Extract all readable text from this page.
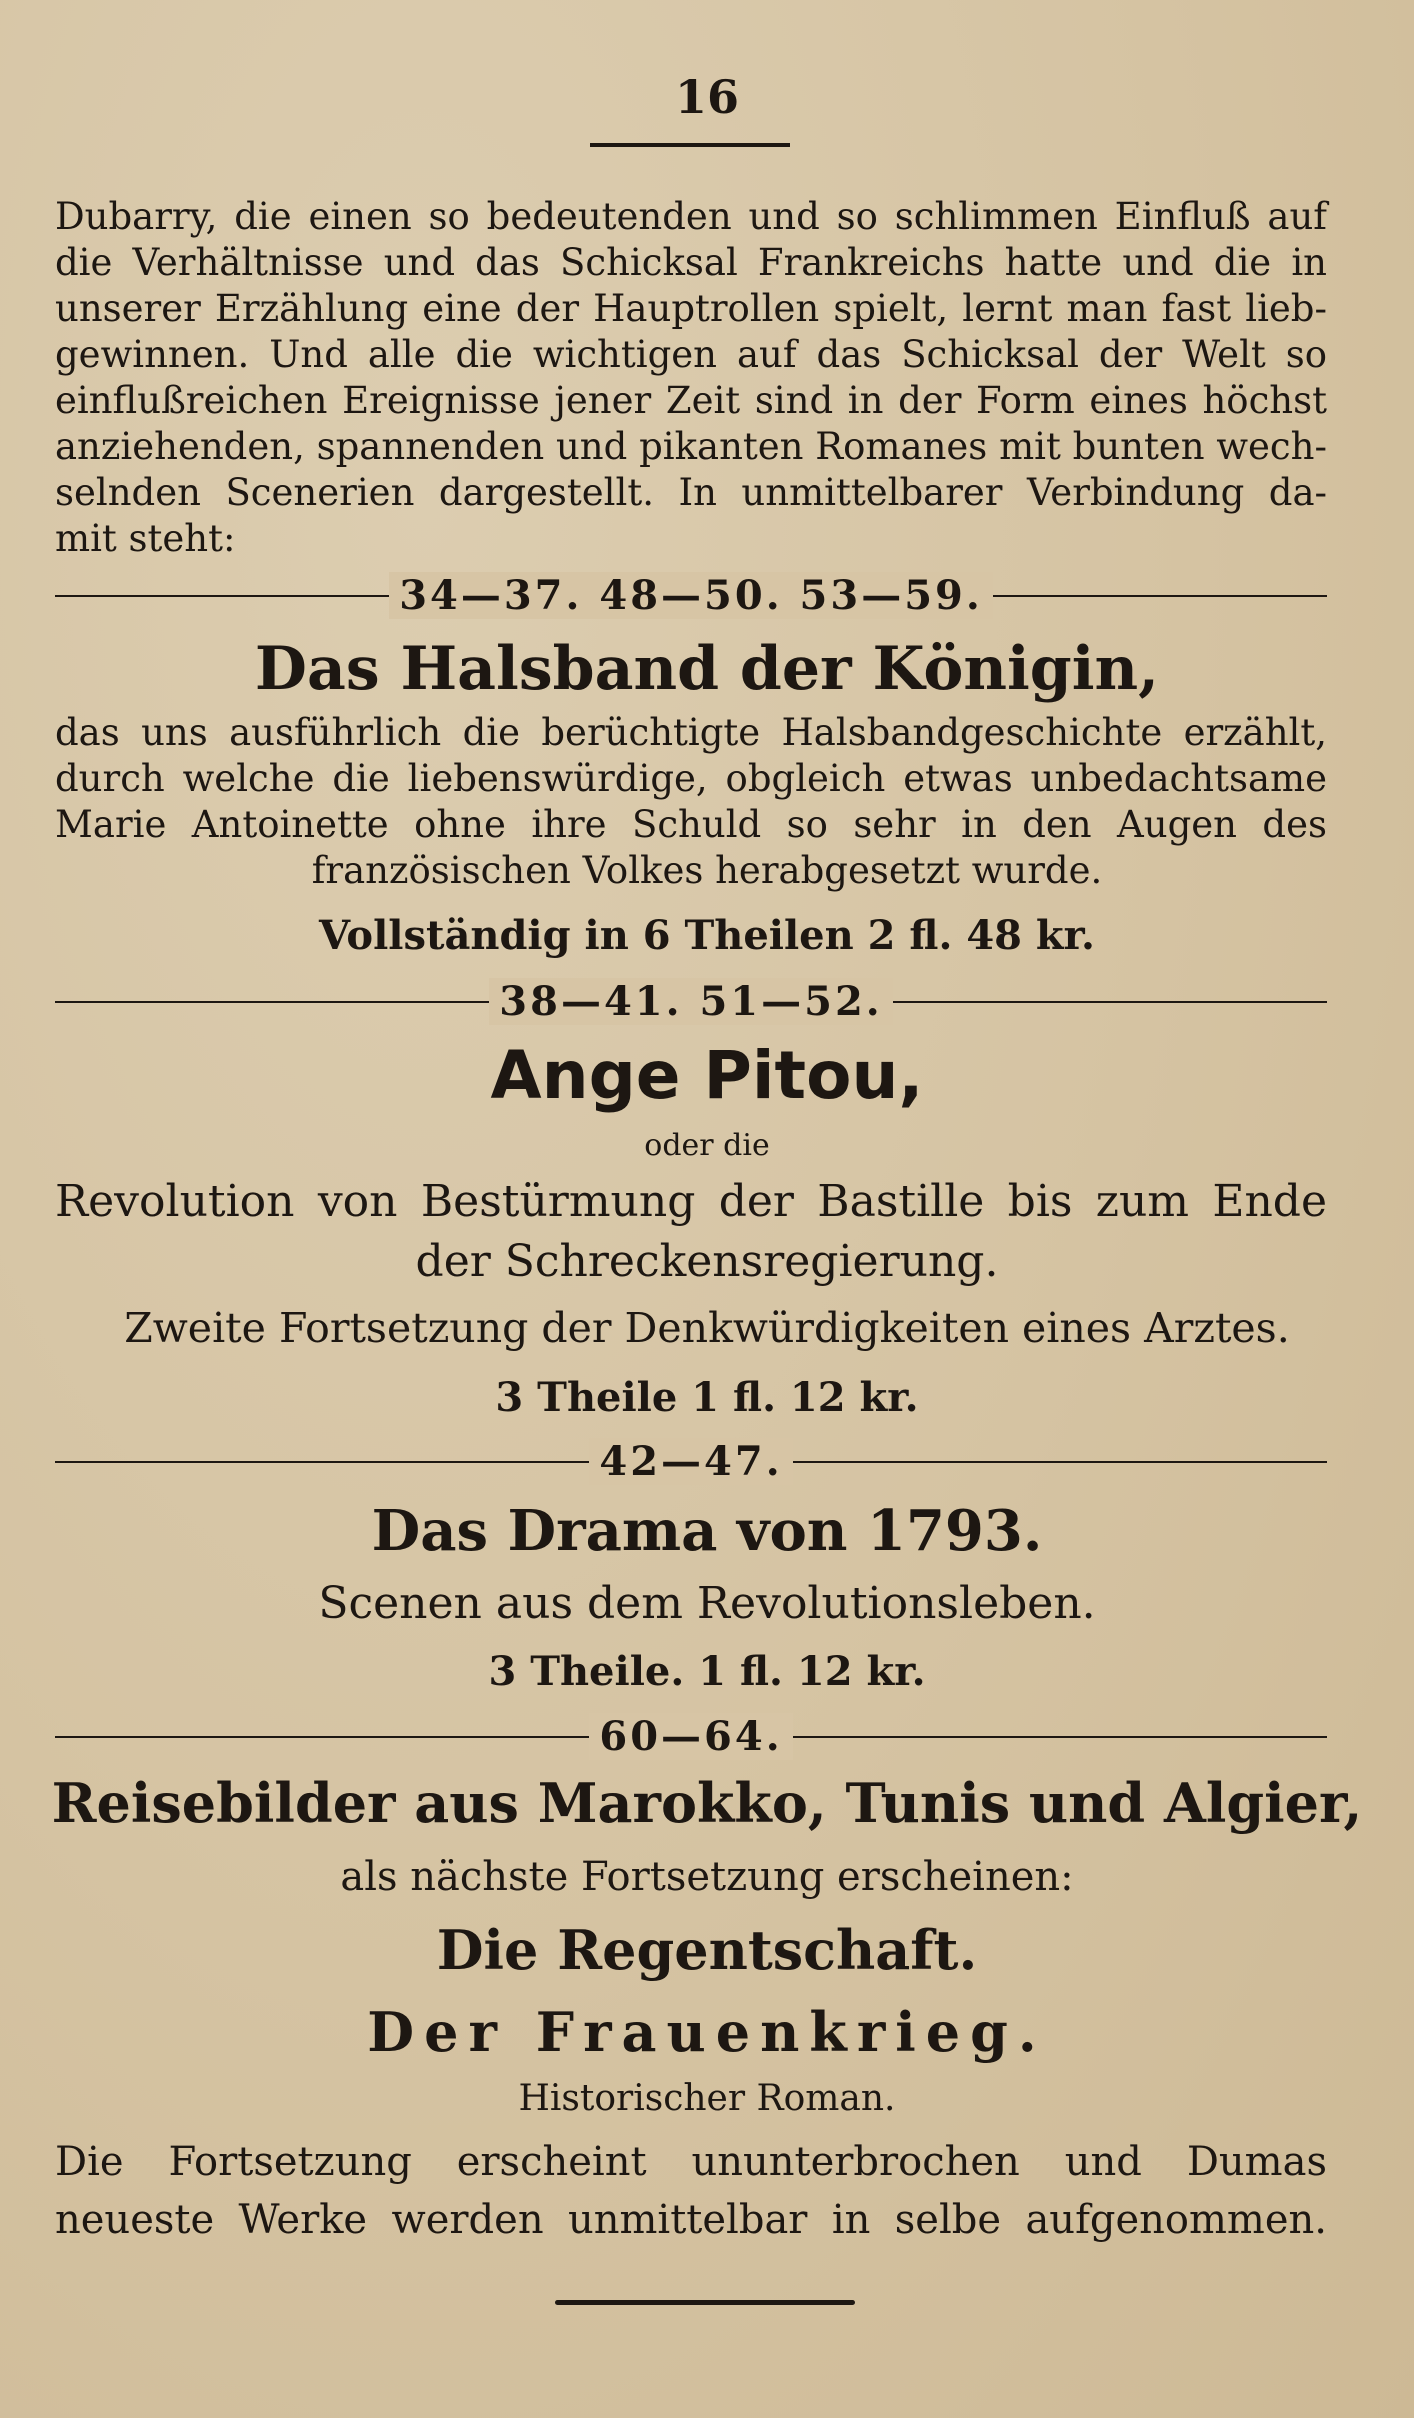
16
Dubarry, die einen so bedeutenden und so schlimmen Einfluß auf
die Verhältnisse und das Schicksal Frankreichs hatte und die in
unserer Erzählung eine der Hauptrollen spielt, lernt man fast lieb-
gewinnen. Und alle die wichtigen auf das Schicksal der Welt so
einflußreichen Ereignisse jener Zeit sind in der Form eines höchst
anziehenden, spannenden und pikanten Romanes mit bunten wech-
selnden Scenerien dargestellt. In unmittelbarer Verbindung da-
mit steht:
34—37. 48—50. 53—59.
Das Halsband der Königin,
das uns ausführlich die berüchtigte Halsbandgeschichte erzählt,
durch welche die liebenswürdige, obgleich etwas unbedachtsame
Marie Antoinette ohne ihre Schuld so sehr in den Augen des
französischen Volkes herabgesetzt wurde.
Vollständig in 6 Theilen 2 fl. 48 kr.
38—41. 51—52.
Ange Pitou,
oder die
Revolution von Bestürmung der Bastille bis zum Ende
der Schreckensregierung.
Zweite Fortsetzung der Denkwürdigkeiten eines Arztes.
3 Theile 1 fl. 12 kr.
42—47.
Das Drama von 1793.
Scenen aus dem Revolutionsleben.
3 Theile. 1 fl. 12 kr.
60—64.
Reisebilder aus Marokko, Tunis und Algier,
als nächste Fortsetzung erscheinen:
Die Regentschaft.
Der Frauenkrieg.
Historischer Roman.
Die Fortsetzung erscheint ununterbrochen und Dumas
neueste Werke werden unmittelbar in selbe aufgenommen.
